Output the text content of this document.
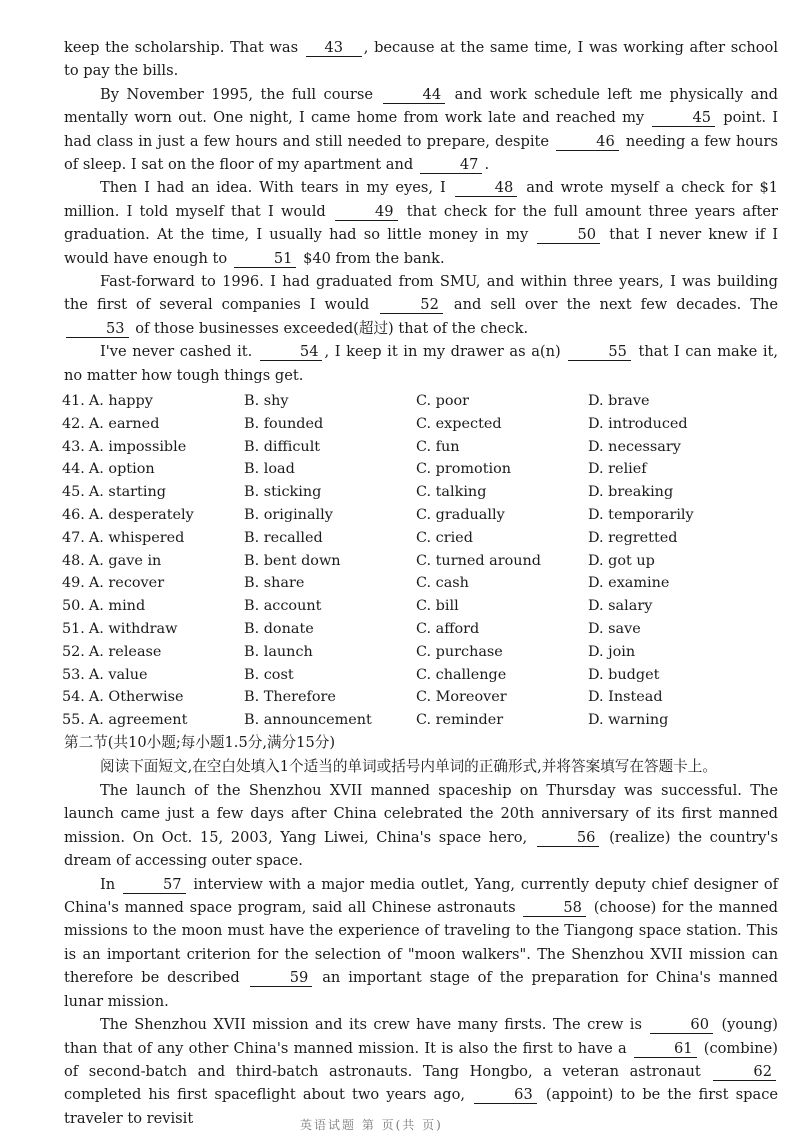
keep the scholarship. That was 43 , because at the same time, I was working after school to pay the bills.

By November 1995, the full course	44 and work schedule left me physically and mentally worn out. One night, I came home from work late and reached my	45 point. I had class in just a few hours and still needed to prepare, despite	46 needing a few hours of sleep. I sat on the floor of my apartment and	47 .

Then I had an idea. With tears in my eyes, I	48 and wrote myself a check for $1 million. I told myself that I would	49 that check for the full amount three years after graduation. At the time, I usually had so little money in my	50 that I never knew if I would have enough to	51 $40 from the bank.

Fast-forward to 1996. I had graduated from SMU, and within three years, I was building the first of several companies I would	52 and sell over the next few decades. The 53 of those businesses exceeded(超过) that of the check.

I've never cashed it.	54 , I keep it in my drawer as a(n)	55 that I can make it, no matter how tough things get.

41. A. happy	B. shy	C. poor	D. brave
42. A. earned	B. founded	C. expected	D. introduced
43. A. impossible	B. difficult	C. fun	D. necessary
44. A. option	B. load	C. promotion	D. relief
45. A. starting	B. sticking	C. talking	D. breaking
46. A. desperately	B. originally	C. gradually	D. temporarily
47. A. whispered	B. recalled	C. cried	D. regretted
48. A. gave in	B. bent down	C. turned around	D. got up
49. A. recover	B. share	C. cash	D. examine
50. A. mind	B. account	C. bill	D. salary
51. A. withdraw	B. donate	C. afford	D. save
52. A. release	B. launch	C. purchase	D. join
53. A. value	B. cost	C. challenge	D. budget
54. A. Otherwise	B. Therefore	C. Moreover	D. Instead
55. A. agreement	B. announcement	C. reminder	D. warning
第二节(共10小题;每小题1.5分,满分15分)
阅读下面短文,在空白处填入1个适当的单词或括号内单词的正确形式,并将答案填写在答题卡上。

The launch of the Shenzhou XVII manned spaceship on Thursday was successful. The launch came just a few days after China celebrated the 20th anniversary of its first manned mission. On Oct. 15, 2003, Yang Liwei, China's space hero,	56 (realize) the country's dream of accessing outer space.

In	57 interview with a major media outlet, Yang, currently deputy chief designer of China's manned space program, said all Chinese astronauts	58 (choose) for the manned missions to the moon must have the experience of traveling to the Tiangong space station. This is an important criterion for the selection of "moon walkers". The Shenzhou XVII mission can therefore be described	59 an important stage of the preparation for China's manned lunar mission.

The Shenzhou XVII mission and its crew have many firsts. The crew is	60 (young) than that of any other China's manned mission. It is also the first to have a	61 (combine) of second-batch and third-batch astronauts. Tang Hongbo, a veteran astronaut	62 completed his first spaceflight about two years ago,	63 (appoint) to be the first space traveler to revisit	英语试题 第 页(共 页)
